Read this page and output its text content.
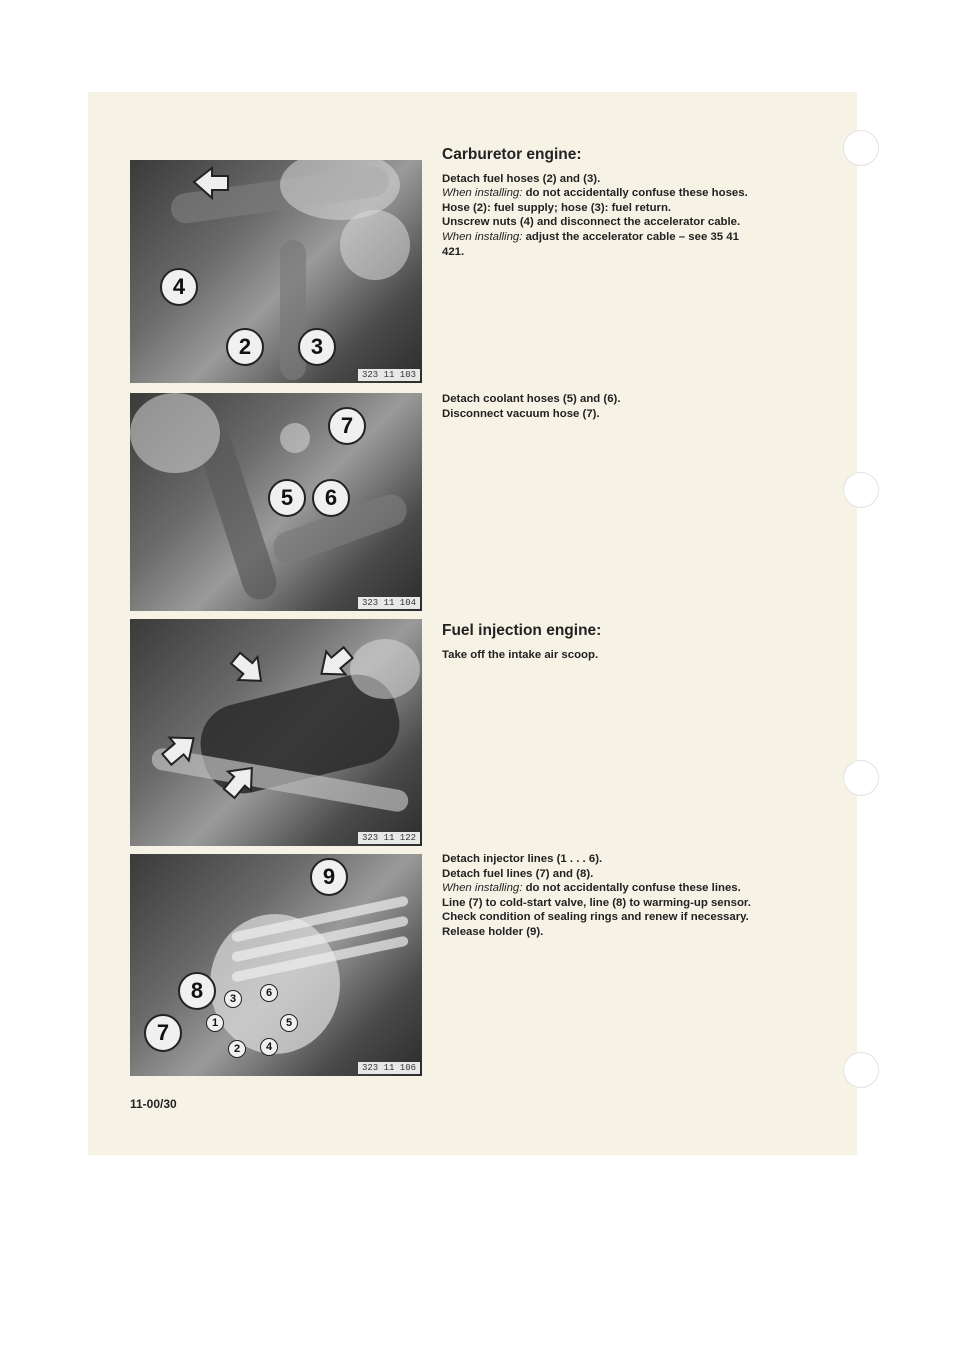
4
2	3
323 11 103
7
5	6
323 11 104
323 11 122
9
8
7
3	6
1	5
2	4
323 11 106
Carburetor engine:

Detach fuel hoses (2) and (3).

When installing: do not accidentally confuse these hoses.

Hose (2): fuel supply; hose (3): fuel return.

Unscrew nuts (4) and disconnect the accelerator cable.

When installing: adjust the accelerator cable – see 35 41 421.

Detach coolant hoses (5) and (6).

Disconnect vacuum hose (7).

Fuel injection engine:

Take off the intake air scoop.

Detach injector lines (1 . . . 6).

Detach fuel lines (7) and (8).

When installing: do not accidentally confuse these lines.

Line (7) to cold-start valve, line (8) to warming-up sensor.

Check condition of sealing rings and renew if necessary.

Release holder (9).

11-00/30
